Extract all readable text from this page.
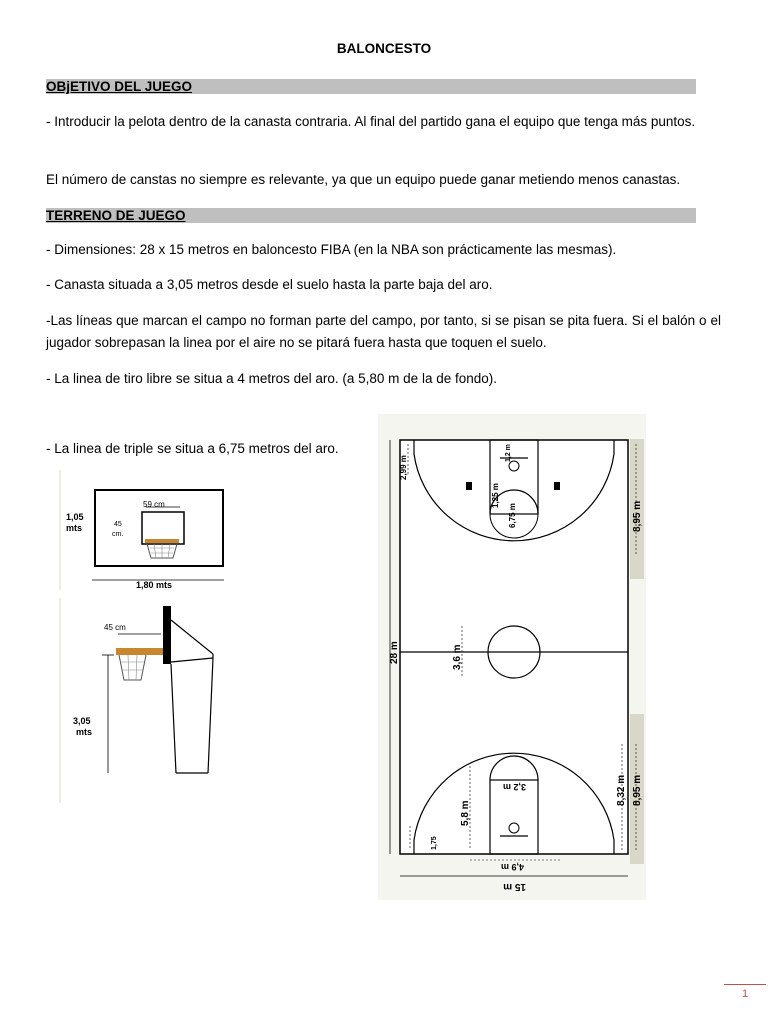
BALONCESTO
OBjETIVO DEL JUEGO
- Introducir la pelota dentro de la canasta contraria. Al final del partido gana el equipo que tenga más puntos.
El número de canstas no siempre es relevante, ya que un equipo puede ganar metiendo menos canastas.
TERRENO DE JUEGO
- Dimensiones: 28 x 15 metros en baloncesto FIBA (en la NBA son prácticamente las mesmas).
- Canasta situada a 3,05 metros desde el suelo hasta la parte baja del aro.
-Las líneas que marcan el campo no forman parte del campo, por tanto, si se pisan se pita fuera. Si el balón o el jugador sobrepasan la linea por el aire no se pitará fuera hasta que toquen el suelo.
- La linea de tiro libre se situa a 4 metros del aro. (a 5,80 m de la de fondo).
- La linea de triple se situa a 6,75 metros del aro.
59 cm
45
cm.
1,05
mts
1,80 mts
45 cm
3,05
mts
28 m
15 m
8,95 m
8,95 m
3,6 m
2,99 m
1,2 m
1,25 m
6,75 m
3,2 m
5,8 m
4,9 m
8,32 m
1,75
1
